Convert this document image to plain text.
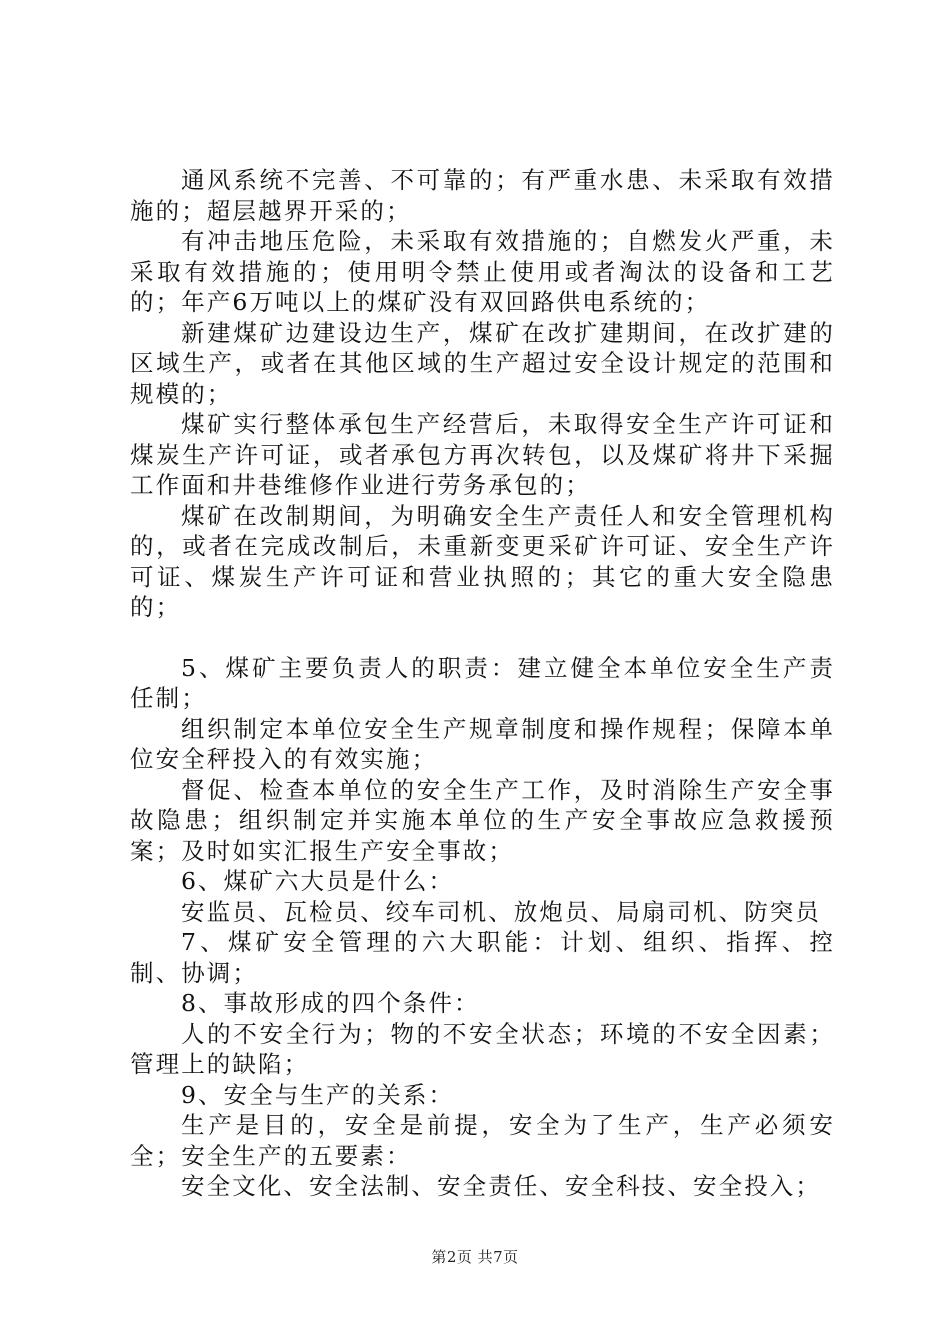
通风系统不完善、不可靠的；有严重水患、未采取有效措施的；超层越界开采的；

有冲击地压危险，未采取有效措施的；自燃发火严重，未采取有效措施的；使用明令禁止使用或者淘汰的设备和工艺的；年产6万吨以上的煤矿没有双回路供电系统的；

新建煤矿边建设边生产，煤矿在改扩建期间，在改扩建的区域生产，或者在其他区域的生产超过安全设计规定的范围和规模的；

煤矿实行整体承包生产经营后，未取得安全生产许可证和煤炭生产许可证，或者承包方再次转包，以及煤矿将井下采掘工作面和井巷维修作业进行劳务承包的；

煤矿在改制期间，为明确安全生产责任人和安全管理机构的，或者在完成改制后，未重新变更采矿许可证、安全生产许可证、煤炭生产许可证和营业执照的；其它的重大安全隐患的；

5、煤矿主要负责人的职责：建立健全本单位安全生产责任制；

组织制定本单位安全生产规章制度和操作规程；保障本单位安全秤投入的有效实施；

督促、检查本单位的安全生产工作，及时消除生产安全事故隐患；组织制定并实施本单位的生产安全事故应急救援预案；及时如实汇报生产安全事故；

6、煤矿六大员是什么：

安监员、瓦检员、绞车司机、放炮员、局扇司机、防突员

7、煤矿安全管理的六大职能：计划、组织、指挥、控制、协调；

8、事故形成的四个条件：

人的不安全行为；物的不安全状态；环境的不安全因素；管理上的缺陷；

9、安全与生产的关系：

生产是目的，安全是前提，安全为了生产，生产必须安全；安全生产的五要素：

安全文化、安全法制、安全责任、安全科技、安全投入；

第2页 共7页
